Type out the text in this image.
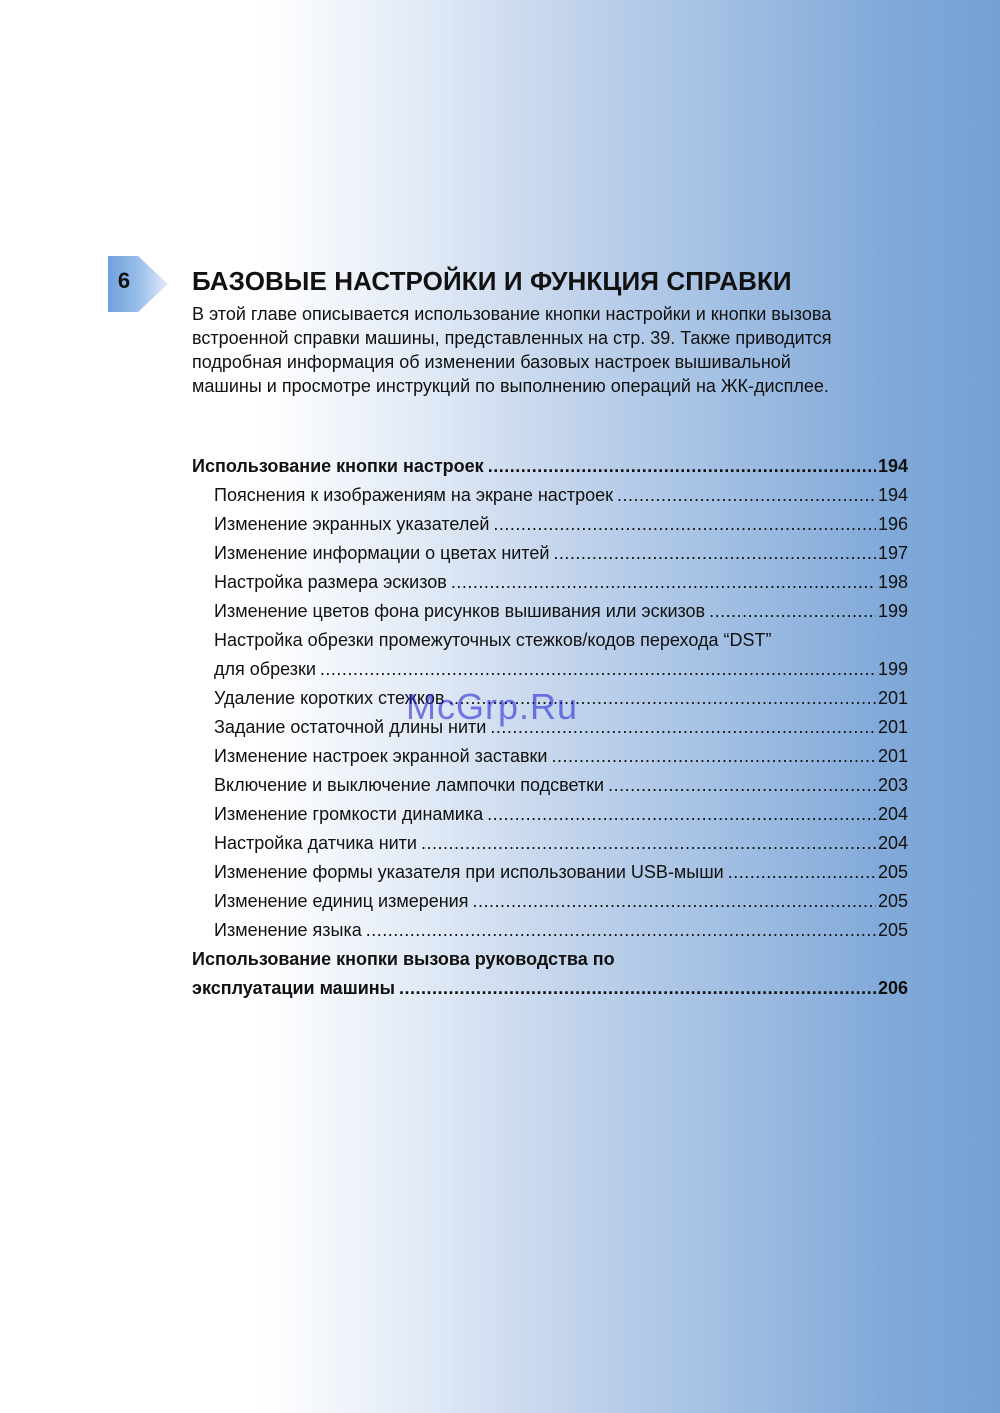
6	БАЗОВЫЕ НАСТРОЙКИ И ФУНКЦИЯ СПРАВКИ
В этой главе описывается использование кнопки настройки и кнопки вызова
встроенной справки машины, представленных на стр. 39. Также приводится
подробная информация об изменении базовых настроек вышивальной
машины и просмотре инструкций по выполнению операций на ЖК-дисплее.
Использование кнопки настроек .....	194
Пояснения к изображениям на экране настроек .....	194
Изменение экранных указателей .....	196
Изменение информации о цветах нитей .....	197
Настройка размера эскизов .....	198
Изменение цветов фона рисунков вышивания или эскизов .....	199
Настройка обрезки промежуточных стежков/кодов перехода “DST”
для обрезки .....	199
Удаление коротких стежков .....	201
Задание остаточной длины нити .....	201
Изменение настроек экранной заставки .....	201
Включение и выключение лампочки подсветки .....	203
Изменение громкости динамика .....	204
Настройка датчика нити .....	204
Изменение формы указателя при использовании USB-мыши .....	205
Изменение единиц измерения .....	205
Изменение языка .....	205
Использование кнопки вызова руководства по
эксплуатации машины .....	206
McGrp.Ru
